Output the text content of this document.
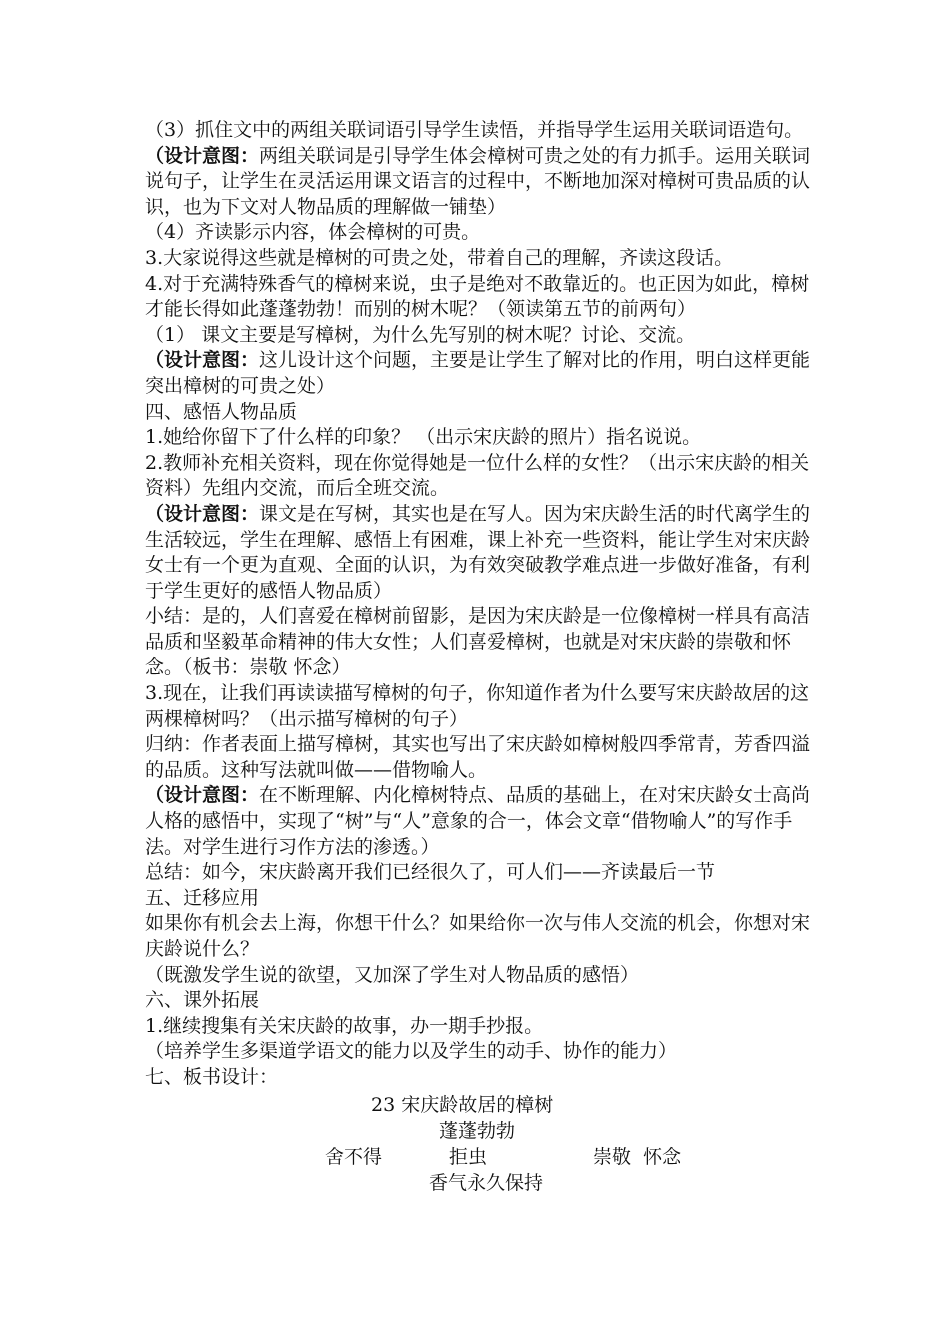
（3）抓住文中的两组关联词语引导学生读悟，并指导学生运用关联词语造句。

（设计意图：两组关联词是引导学生体会樟树可贵之处的有力抓手。运用关联词说句子，让学生在灵活运用课文语言的过程中，不断地加深对樟树可贵品质的认识，也为下文对人物品质的理解做一铺垫）

（4）齐读影示内容，体会樟树的可贵。

3.大家说得这些就是樟树的可贵之处，带着自己的理解，齐读这段话。

4.对于充满特殊香气的樟树来说，虫子是绝对不敢靠近的。也正因为如此，樟树才能长得如此蓬蓬勃勃！而别的树木呢？（领读第五节的前两句）

（1） 课文主要是写樟树，为什么先写别的树木呢？讨论、交流。

（设计意图：这儿设计这个问题，主要是让学生了解对比的作用，明白这样更能突出樟树的可贵之处）

四、感悟人物品质

1.她给你留下了什么样的印象？ （出示宋庆龄的照片）指名说说。

2.教师补充相关资料，现在你觉得她是一位什么样的女性？（出示宋庆龄的相关资料）先组内交流，而后全班交流。

（设计意图：课文是在写树，其实也是在写人。因为宋庆龄生活的时代离学生的生活较远，学生在理解、感悟上有困难，课上补充一些资料，能让学生对宋庆龄女士有一个更为直观、全面的认识，为有效突破教学难点进一步做好准备，有利于学生更好的感悟人物品质）

小结：是的，人们喜爱在樟树前留影，是因为宋庆龄是一位像樟树一样具有高洁品质和坚毅革命精神的伟大女性；人们喜爱樟树，也就是对宋庆龄的崇敬和怀念。（板书：崇敬 怀念）

3.现在，让我们再读读描写樟树的句子，你知道作者为什么要写宋庆龄故居的这两棵樟树吗？（出示描写樟树的句子）

归纳：作者表面上描写樟树，其实也写出了宋庆龄如樟树般四季常青，芳香四溢的品质。这种写法就叫做——借物喻人。

（设计意图：在不断理解、内化樟树特点、品质的基础上，在对宋庆龄女士高尚人格的感悟中，实现了“树”与“人”意象的合一，体会文章“借物喻人”的写作手法。对学生进行习作方法的渗透。）

总结：如今，宋庆龄离开我们已经很久了，可人们——齐读最后一节

五、迁移应用

如果你有机会去上海，你想干什么？如果给你一次与伟人交流的机会，你想对宋庆龄说什么？

（既激发学生说的欲望，又加深了学生对人物品质的感悟）

六、课外拓展

1.继续搜集有关宋庆龄的故事，办一期手抄报。

（培养学生多渠道学语文的能力以及学生的动手、协作的能力）

七、板书设计：

23 宋庆龄故居的樟树
蓬蓬勃勃
舍不得	拒虫	崇敬  怀念
香气永久保持
